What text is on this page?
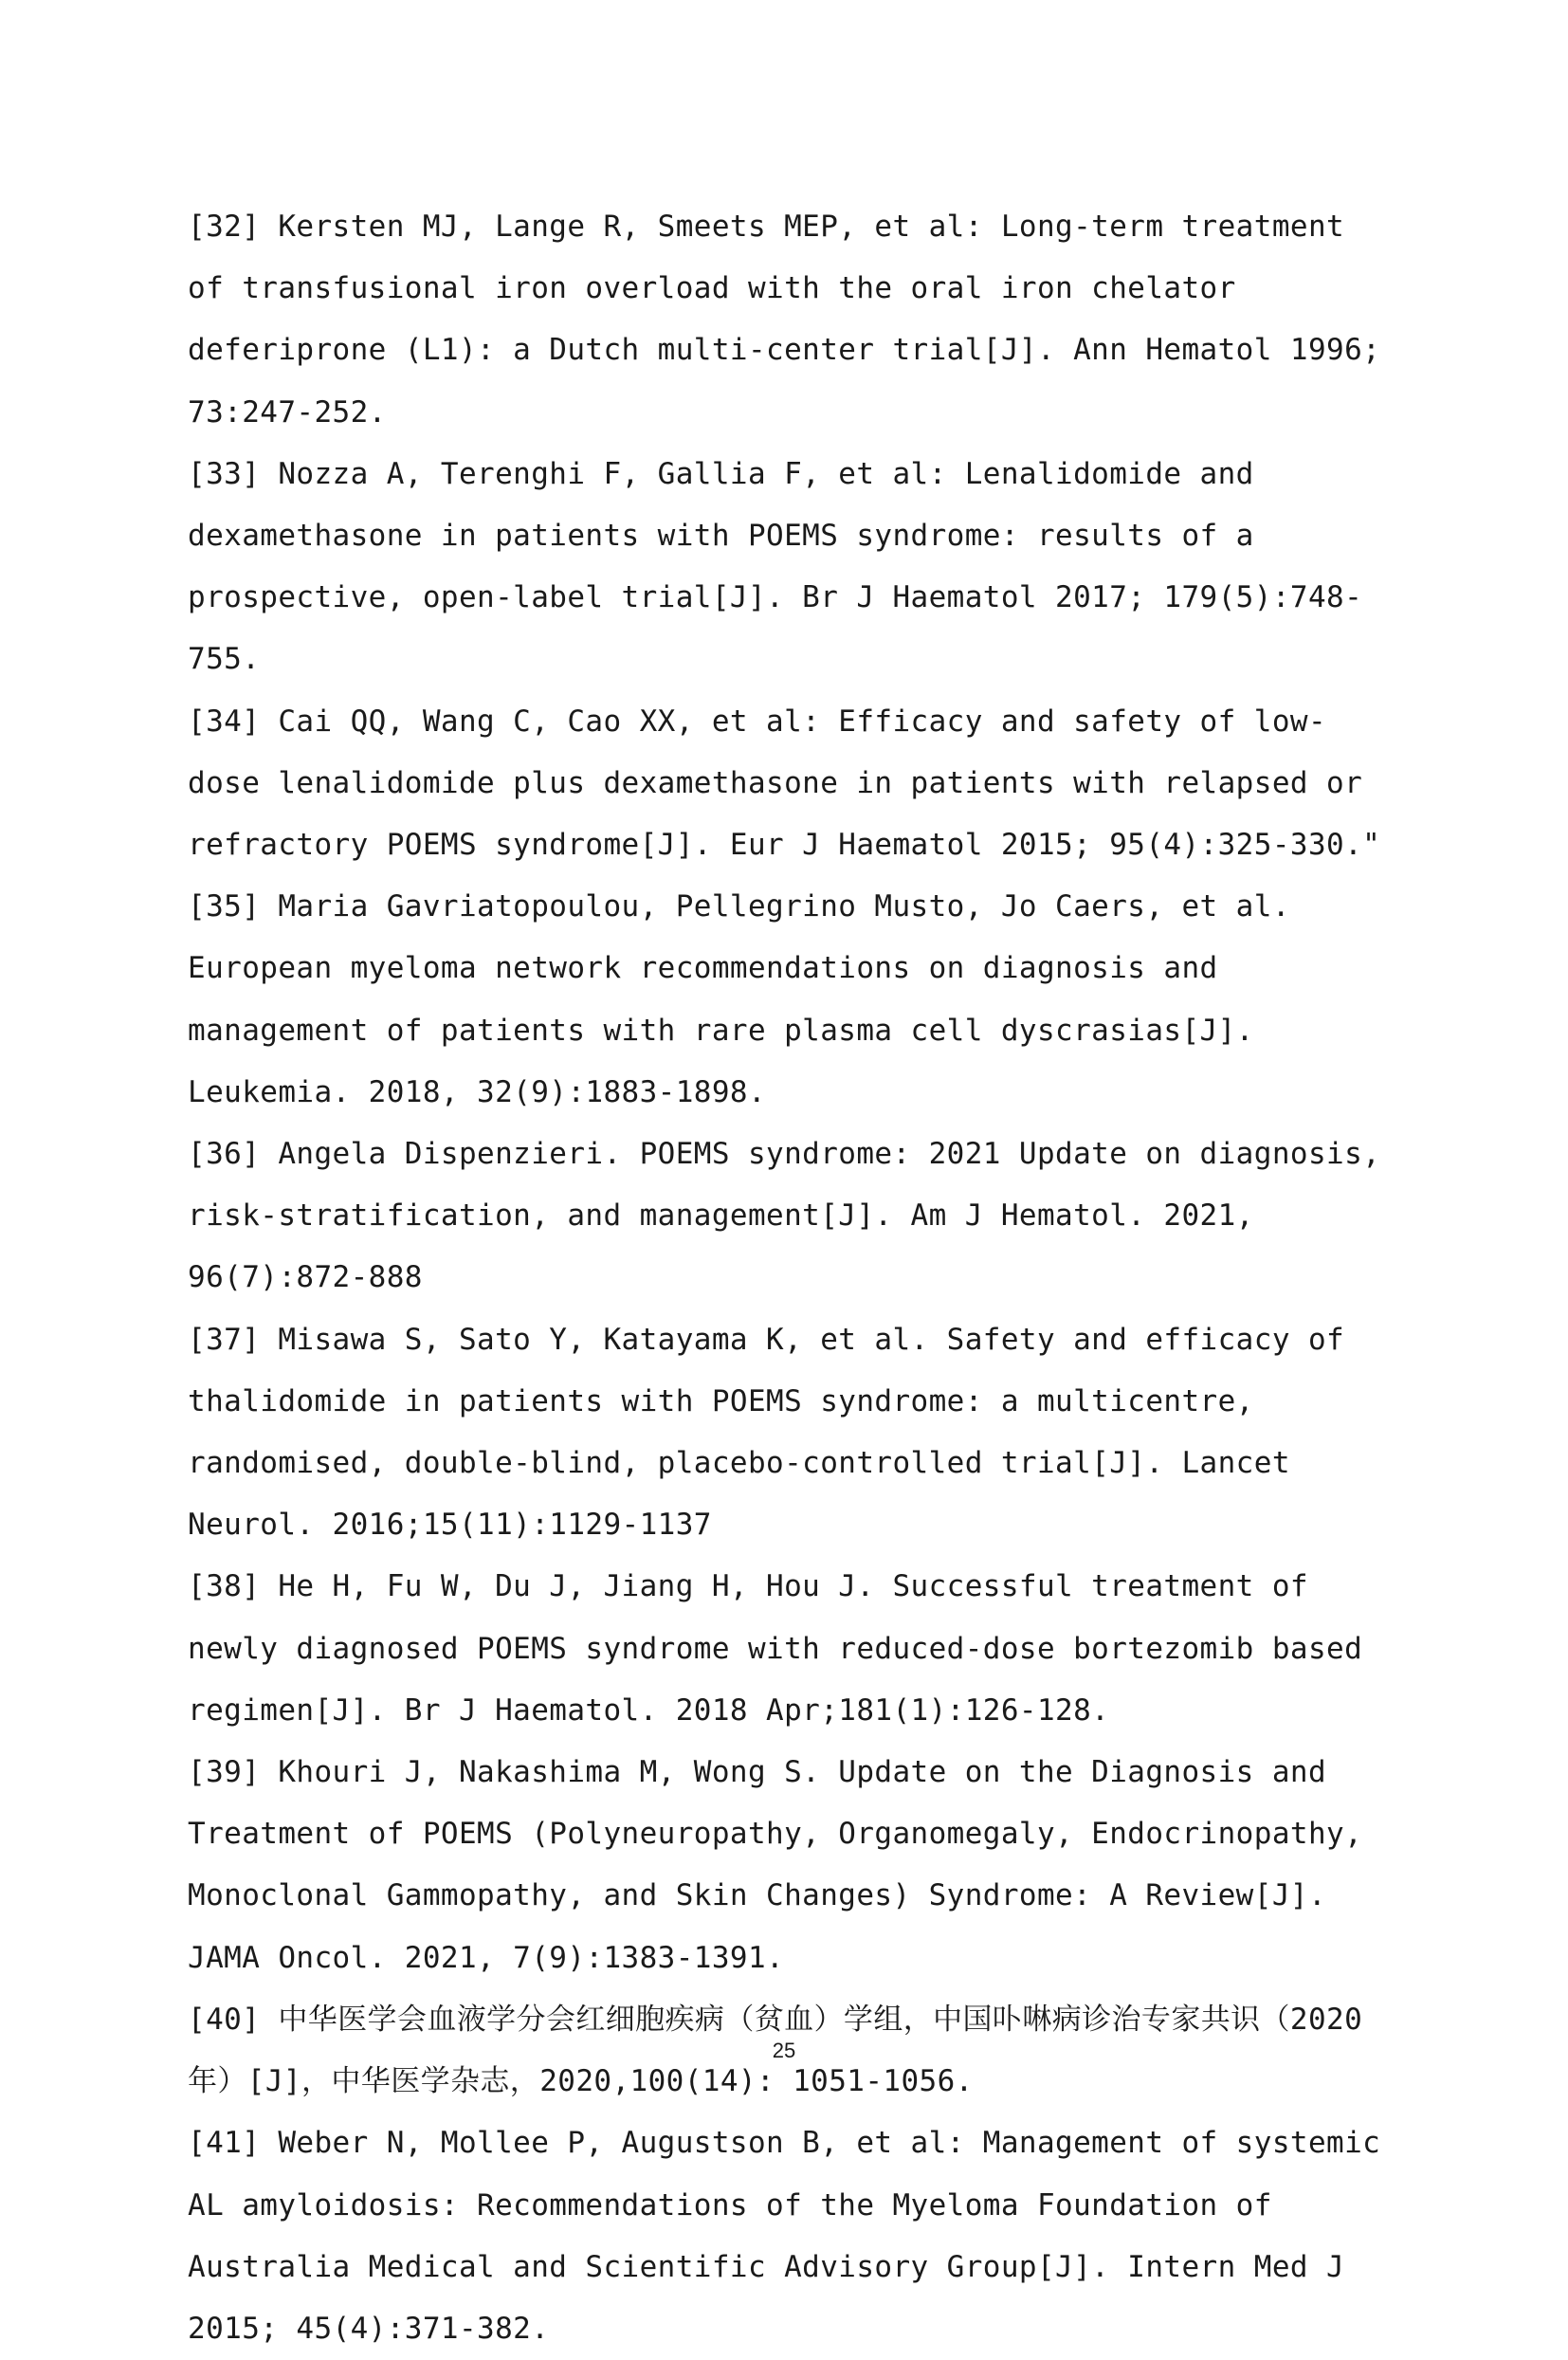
[32] Kersten MJ, Lange R, Smeets MEP, et al: Long-term treatment of transfusional iron overload with the oral iron chelator deferiprone (L1): a Dutch multi-center trial[J]. Ann Hematol 1996; 73:247-252.

[33] Nozza A, Terenghi F, Gallia F, et al: Lenalidomide and dexamethasone in patients with POEMS syndrome: results of a prospective, open-label trial[J]. Br J Haematol 2017; 179(5):748-755.

[34] Cai QQ, Wang C, Cao XX, et al: Efficacy and safety of low-dose lenalidomide plus dexamethasone in patients with relapsed or refractory POEMS syndrome[J]. Eur J Haematol 2015; 95(4):325-330."

[35] Maria Gavriatopoulou, Pellegrino Musto, Jo Caers, et al. European myeloma network recommendations on diagnosis and management of patients with rare plasma cell dyscrasias[J]. Leukemia. 2018, 32(9):1883-1898.

[36] Angela Dispenzieri. POEMS syndrome: 2021 Update on diagnosis, risk-stratification, and management[J]. Am J Hematol. 2021, 96(7):872-888

[37] Misawa S, Sato Y, Katayama K, et al. Safety and efficacy of thalidomide in patients with POEMS syndrome: a multicentre, randomised, double-blind, placebo-controlled trial[J]. Lancet Neurol. 2016;15(11):1129-1137

[38] He H, Fu W, Du J, Jiang H, Hou J. Successful treatment of newly diagnosed POEMS syndrome with reduced-dose bortezomib based regimen[J]. Br J Haematol. 2018 Apr;181(1):126-128.

[39] Khouri J, Nakashima M, Wong S. Update on the Diagnosis and Treatment of POEMS (Polyneuropathy, Organomegaly, Endocrinopathy, Monoclonal Gammopathy, and Skin Changes) Syndrome: A Review[J]. JAMA Oncol. 2021, 7(9):1383-1391.

[40] 中华医学会血液学分会红细胞疾病（贫血）学组，中国卟啉病诊治专家共识（2020年）[J]，中华医学杂志，2020,100(14): 1051-1056.

[41] Weber N, Mollee P, Augustson B, et al: Management of systemic AL amyloidosis: Recommendations of the Myeloma Foundation of Australia Medical and Scientific Advisory Group[J]. Intern Med J 2015; 45(4):371-382.

25
